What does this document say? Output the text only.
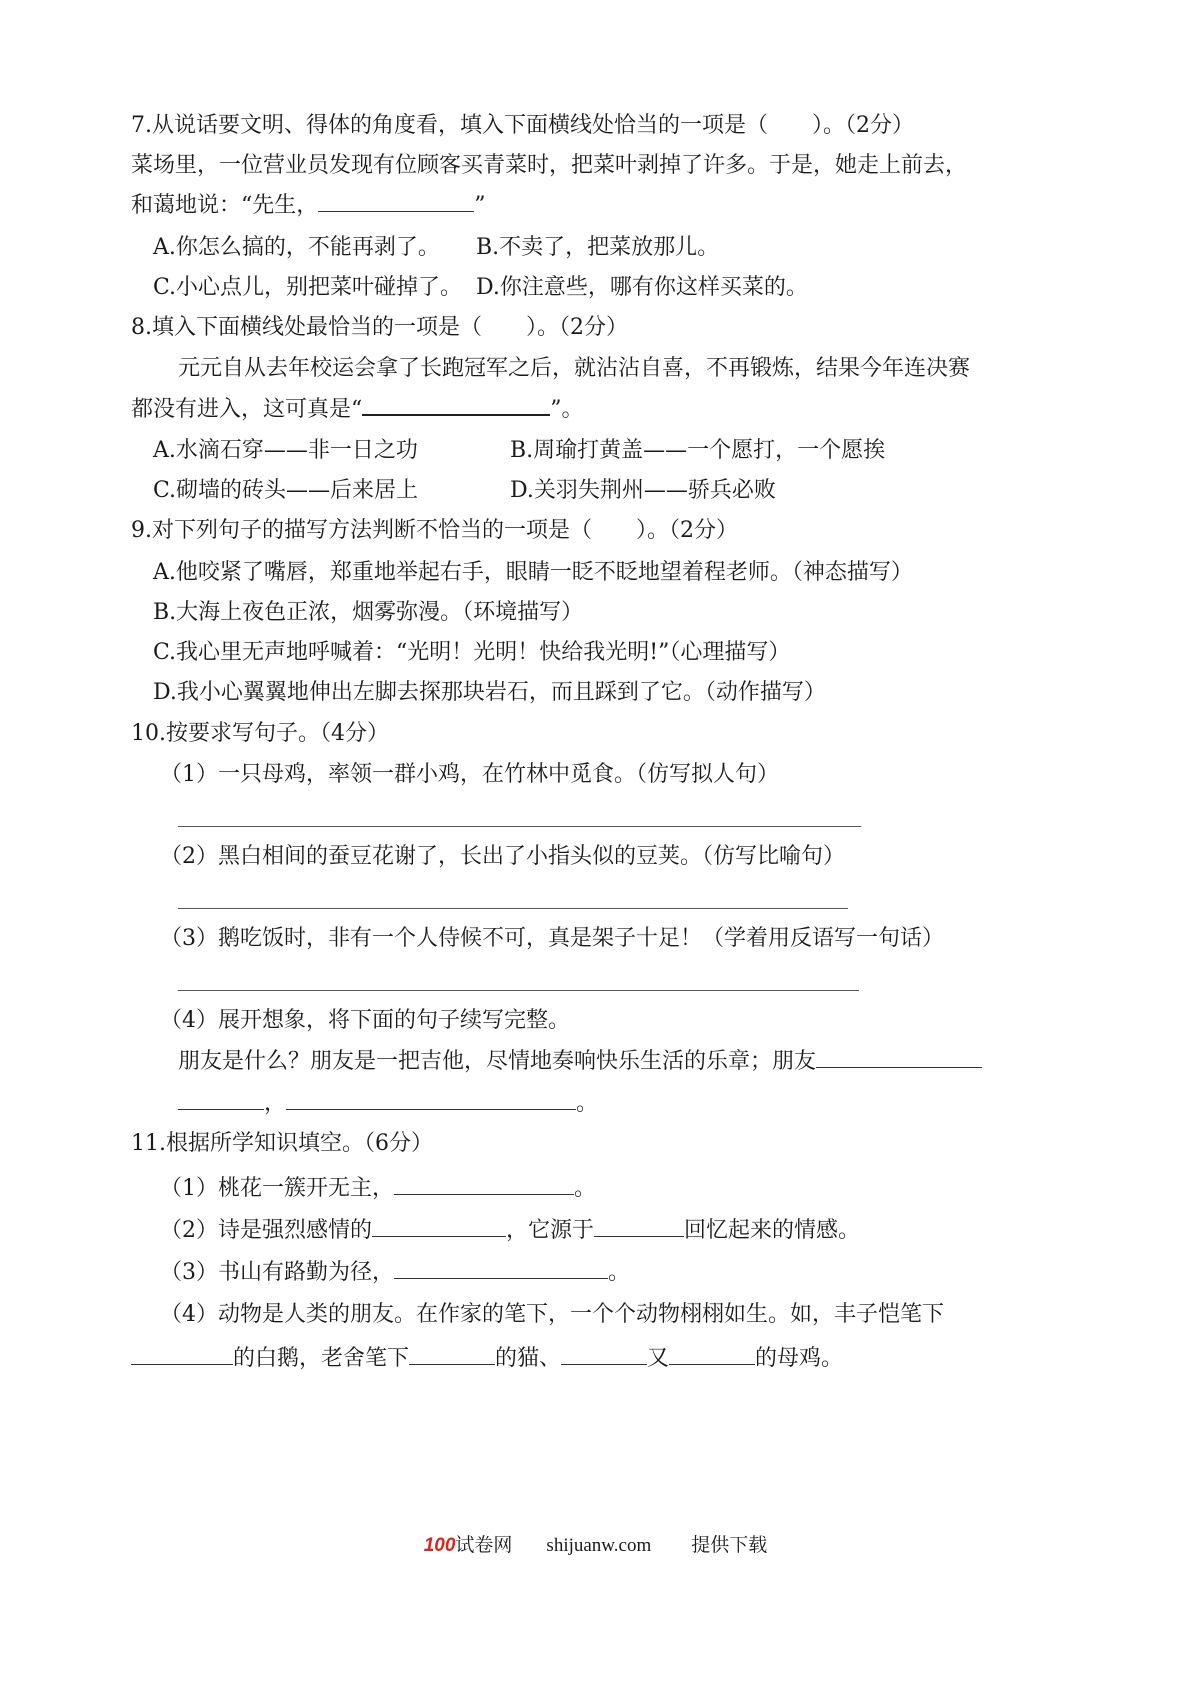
7.从说话要文明、得体的角度看，填入下面横线处恰当的一项是（　　）。（2分）
菜场里，一位营业员发现有位顾客买青菜时，把菜叶剥掉了许多。于是，她走上前去，
和蔼地说：“先生，	”
A.你怎么搞的，不能再剥了。 B.不卖了，把菜放那儿。
C.小心点儿，别把菜叶碰掉了。 D.你注意些，哪有你这样买菜的。
8.填入下面横线处最恰当的一项是（　　）。（2分）
元元自从去年校运会拿了长跑冠军之后，就沾沾自喜，不再锻炼，结果今年连决赛
都没有进入，这可真是“	”。
A.水滴石穿——非一日之功	B.周瑜打黄盖——一个愿打，一个愿挨
C.砌墙的砖头——后来居上	D.关羽失荆州——骄兵必败
9.对下列句子的描写方法判断不恰当的一项是（　　）。（2分）
A.他咬紧了嘴唇，郑重地举起右手，眼睛一眨不眨地望着程老师。（神态描写）
B.大海上夜色正浓，烟雾弥漫。（环境描写）
C.我心里无声地呼喊着：“光明！光明！快给我光明!”（心理描写）
D.我小心翼翼地伸出左脚去探那块岩石，而且踩到了它。（动作描写）
10.按要求写句子。（4分）
（1）一只母鸡，率领一群小鸡，在竹林中觅食。（仿写拟人句）
（2）黑白相间的蚕豆花谢了，长出了小指头似的豆荚。（仿写比喻句）
（3）鹅吃饭时，非有一个人侍候不可，真是架子十足！（学着用反语写一句话）
（4）展开想象，将下面的句子续写完整。
朋友是什么？朋友是一把吉他，尽情地奏响快乐生活的乐章；朋友
，	。
11.根据所学知识填空。（6分）
（1）桃花一簇开无主，	。
（2）诗是强烈感情的	，它源于	回忆起来的情感。
（3）书山有路勤为径，	。
（4）动物是人类的朋友。在作家的笔下，一个个动物栩栩如生。如，丰子恺笔下
的白鹅，老舍笔下	的猫、	又	的母鸡。
100试卷网 shijuanw.com 提供下载
